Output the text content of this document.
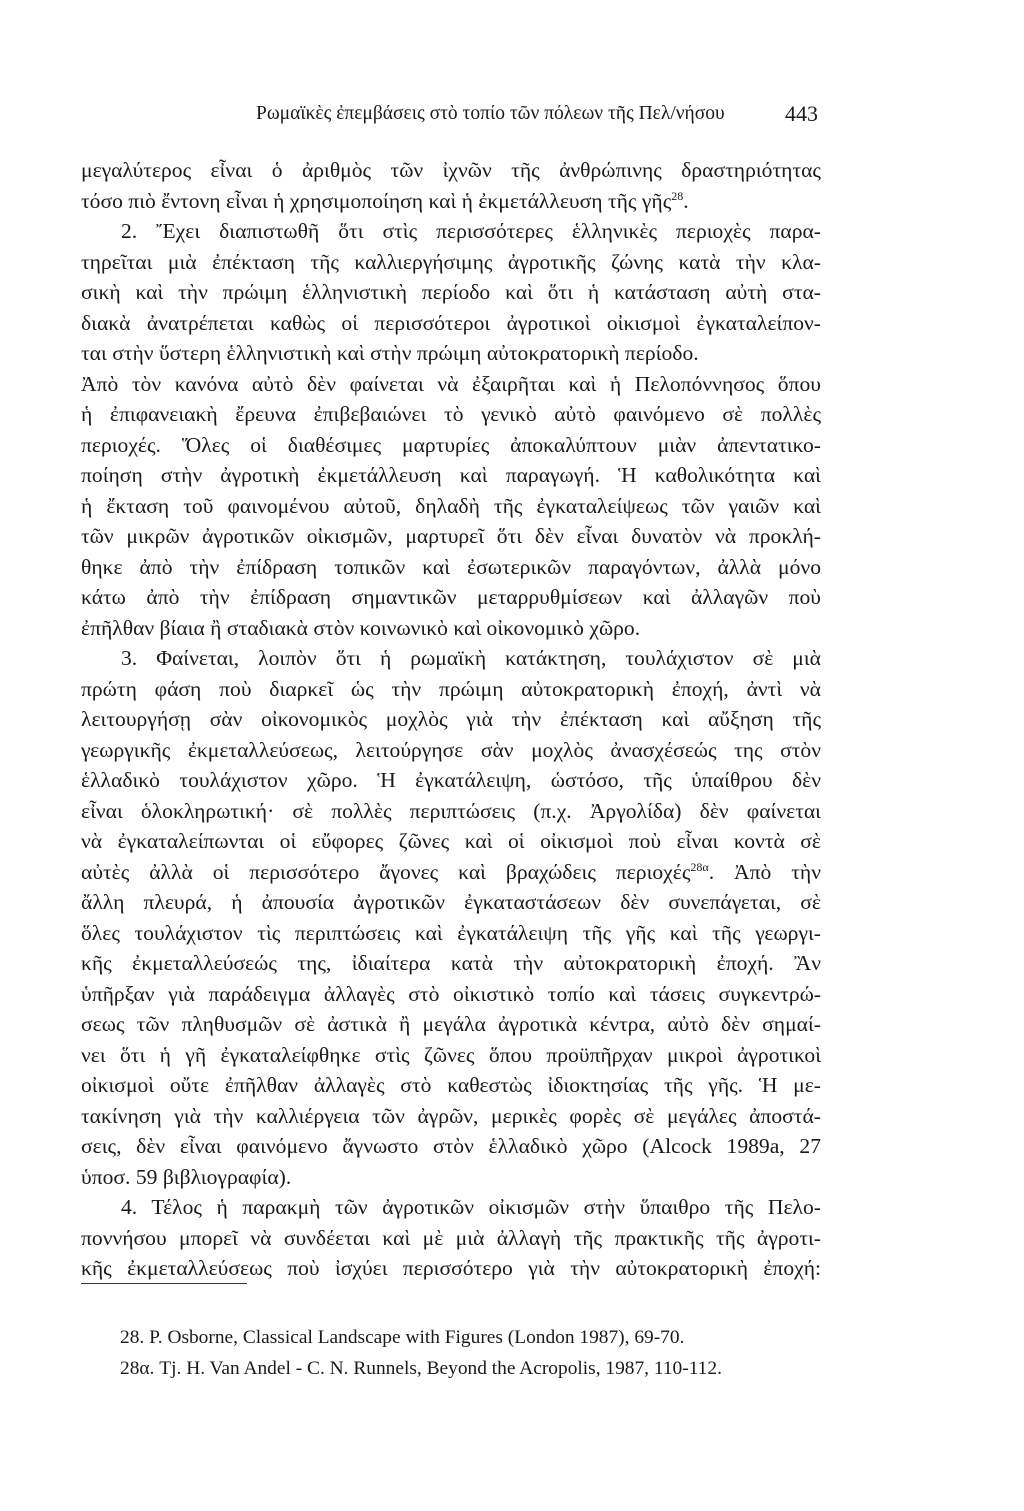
Ρωμαϊκὲς ἐπεμβάσεις στὸ τοπίο τῶν πόλεων τῆς Πελ/νήσου	443
μεγαλύτερος εἶναι ὁ ἀριθμὸς τῶν ἰχνῶν τῆς ἀνθρώπινης δραστηριότητας
τόσο πιὸ ἔντονη εἶναι ἡ χρησιμοποίηση καὶ ἡ ἐκμετάλλευση τῆς γῆς$^{28}$.
2. Ἔχει διαπιστωθῆ ὅτι στὶς περισσότερες ἑλληνικὲς περιοχὲς παρα-
τηρεῖται μιὰ ἐπέκταση τῆς καλλιεργήσιμης ἀγροτικῆς ζώνης κατὰ τὴν κλα-
σικὴ καὶ τὴν πρώιμη ἑλληνιστικὴ περίοδο καὶ ὅτι ἡ κατάσταση αὐτὴ στα-
διακὰ ἀνατρέπεται καθὼς οἱ περισσότεροι ἀγροτικοὶ οἰκισμοὶ ἐγκαταλείπον-
ται στὴν ὕστερη ἑλληνιστικὴ καὶ στὴν πρώιμη αὐτοκρατορικὴ περίοδο.
Ἀπὸ τὸν κανόνα αὐτὸ δὲν φαίνεται νὰ ἐξαιρῆται καὶ ἡ Πελοπόννησος ὅπου
ἡ ἐπιφανειακὴ ἔρευνα ἐπιβεβαιώνει τὸ γενικὸ αὐτὸ φαινόμενο σὲ πολλὲς
περιοχές. Ὅλες οἱ διαθέσιμες μαρτυρίες ἀποκαλύπτουν μιὰν ἀπεντατικο-
ποίηση στὴν ἀγροτικὴ ἐκμετάλλευση καὶ παραγωγή. Ἡ καθολικότητα καὶ
ἡ ἔκταση τοῦ φαινομένου αὐτοῦ, δηλαδὴ τῆς ἐγκαταλείψεως τῶν γαιῶν καὶ
τῶν μικρῶν ἀγροτικῶν οἰκισμῶν, μαρτυρεῖ ὅτι δὲν εἶναι δυνατὸν νὰ προκλή-
θηκε ἀπὸ τὴν ἐπίδραση τοπικῶν καὶ ἐσωτερικῶν παραγόντων, ἀλλὰ μόνο
κάτω ἀπὸ τὴν ἐπίδραση σημαντικῶν μεταρρυθμίσεων καὶ ἀλλαγῶν ποὺ
ἐπῆλθαν βίαια ἢ σταδιακὰ στὸν κοινωνικὸ καὶ οἰκονομικὸ χῶρο.
3. Φαίνεται, λοιπὸν ὅτι ἡ ρωμαϊκὴ κατάκτηση, τουλάχιστον σὲ μιὰ
πρώτη φάση ποὺ διαρκεῖ ὡς τὴν πρώιμη αὐτοκρατορικὴ ἐποχή, ἀντὶ νὰ
λειτουργήσῃ σὰν οἰκονομικὸς μοχλὸς γιὰ τὴν ἐπέκταση καὶ αὔξηση τῆς
γεωργικῆς ἐκμεταλλεύσεως, λειτούργησε σὰν μοχλὸς ἀνασχέσεώς της στὸν
ἑλλαδικὸ τουλάχιστον χῶρο. Ἡ ἐγκατάλειψη, ὡστόσο, τῆς ὑπαίθρου δὲν
εἶναι ὁλοκληρωτική· σὲ πολλὲς περιπτώσεις (π.χ. Ἀργολίδα) δὲν φαίνεται
νὰ ἐγκαταλείπωνται οἱ εὔφορες ζῶνες καὶ οἱ οἰκισμοὶ ποὺ εἶναι κοντὰ σὲ
αὐτὲς ἀλλὰ οἱ περισσότερο ἄγονες καὶ βραχώδεις περιοχές$^{28\alpha}$. Ἀπὸ τὴν
ἄλλη πλευρά, ἡ ἀπουσία ἀγροτικῶν ἐγκαταστάσεων δὲν συνεπάγεται, σὲ
ὅλες τουλάχιστον τὶς περιπτώσεις καὶ ἐγκατάλειψη τῆς γῆς καὶ τῆς γεωργι-
κῆς ἐκμεταλλεύσεώς της, ἰδιαίτερα κατὰ τὴν αὐτοκρατορικὴ ἐποχή. Ἂν
ὑπῆρξαν γιὰ παράδειγμα ἀλλαγὲς στὸ οἰκιστικὸ τοπίο καὶ τάσεις συγκεντρώ-
σεως τῶν πληθυσμῶν σὲ ἀστικὰ ἢ μεγάλα ἀγροτικὰ κέντρα, αὐτὸ δὲν σημαί-
νει ὅτι ἡ γῆ ἐγκαταλείφθηκε στὶς ζῶνες ὅπου προϋπῆρχαν μικροὶ ἀγροτικοὶ
οἰκισμοὶ οὔτε ἐπῆλθαν ἀλλαγὲς στὸ καθεστὼς ἰδιοκτησίας τῆς γῆς. Ἡ με-
τακίνηση γιὰ τὴν καλλιέργεια τῶν ἀγρῶν, μερικὲς φορὲς σὲ μεγάλες ἀποστά-
σεις, δὲν εἶναι φαινόμενο ἄγνωστο στὸν ἑλλαδικὸ χῶρο (Alcock 1989a, 27
ὑποσ. 59 βιβλιογραφία).
4. Τέλος ἡ παρακμὴ τῶν ἀγροτικῶν οἰκισμῶν στὴν ὕπαιθρο τῆς Πελο-
ποννήσου μπορεῖ νὰ συνδέεται καὶ μὲ μιὰ ἀλλαγὴ τῆς πρακτικῆς τῆς ἀγροτι-
κῆς ἐκμεταλλεύσεως ποὺ ἰσχύει περισσότερο γιὰ τὴν αὐτοκρατορικὴ ἐποχή:
28. P. Osborne, Classical Landscape with Figures (London 1987), 69-70.
28α. Tj. H. Van Andel - C. N. Runnels, Beyond the Acropolis, 1987, 110-112.
